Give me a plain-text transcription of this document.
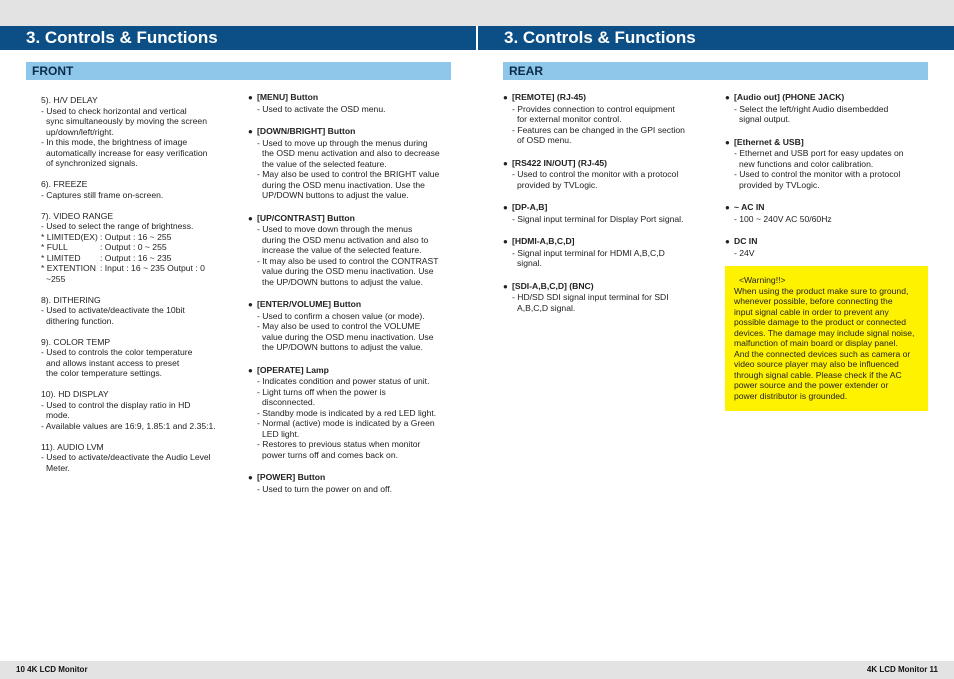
3. Controls & Functions	3. Controls & Functions
FRONT	REAR
5). H/V DELAY
- Used to check horizontal and vertical
sync simultaneously by moving the screen
up/down/left/right.
- In this mode, the brightness of image
automatically increase for easy verification
of synchronized signals.
6). FREEZE
- Captures still frame on-screen.
7). VIDEO RANGE
- Used to select the range of brightness.
* LIMITED(EX) : Output : 16 ~ 255
* FULL	: Output : 0 ~ 255
* LIMITED	: Output : 16 ~ 235
* EXTENTION : Input : 16 ~ 235 Output : 0
~255
8). DITHERING
- Used to activate/deactivate the 10bit
dithering function.
9). COLOR TEMP
- Used to controls the color temperature
and allows instant access to preset
the color temperature settings.
10). HD DISPLAY
- Used to control the display ratio in HD
mode.
- Available values are 16:9, 1.85:1 and 2.35:1.
11). AUDIO LVM
- Used to activate/deactivate the Audio Level
Meter.
● [MENU] Button
- Used to activate the OSD menu.
● [DOWN/BRIGHT] Button
- Used to move up through the menus during
the OSD menu activation and also to decrease
the value of the selected feature.
- May also be used to control the BRIGHT value
during the OSD menu inactivation. Use the
UP/DOWN buttons to adjust the value.
● [UP/CONTRAST] Button
- Used to move down through the menus
during the OSD menu activation and also to
increase the value of the selected feature.
- It may also be used to control the CONTRAST
value during the OSD menu inactivation. Use
the UP/DOWN buttons to adjust the value.
● [ENTER/VOLUME] Button
- Used to confirm a chosen value (or mode).
- May also be used to control the VOLUME
value during the OSD menu inactivation. Use
the UP/DOWN buttons to adjust the value.
● [OPERATE] Lamp
- Indicates condition and power status of unit.
- Light turns off when the power is
disconnected.
- Standby mode is indicated by a red LED light.
- Normal (active) mode is indicated by a Green
LED light.
- Restores to previous status when monitor
power turns off and comes back on.
● [POWER] Button
- Used to turn the power on and off.
● [REMOTE] (RJ-45)
- Provides connection to control equipment
for external monitor control.
- Features can be changed in the GPI section
of OSD menu.
● [RS422 IN/OUT] (RJ-45)
- Used to control the monitor with a protocol
provided by TVLogic.
● [DP-A,B]
- Signal input terminal for Display Port signal.
● [HDMI-A,B,C,D]
- Signal input terminal for HDMI A,B,C,D
signal.
● [SDI-A,B,C,D] (BNC)
- HD/SD SDI signal input terminal for SDI
A,B,C,D signal.
● [Audio out] (PHONE JACK)
- Select the left/right Audio disembedded
signal output.
● [Ethernet & USB]
- Ethernet and USB port for easy updates on
new functions and color calibration.
- Used to control the monitor with a protocol
provided by TVLogic.
● ~ AC IN
- 100 ~ 240V AC 50/60Hz
● DC IN
- 24V
<Warning!!>
When using the product make sure to ground,
whenever possible, before connecting the
input signal cable in order to prevent any
possible damage to the product or connected
devices. The damage may include signal noise,
malfunction of main board or display panel.
And the connected devices such as camera or
video source player may also be influenced
through signal cable. Please check if the AC
power source and the power extender or
power distributor is grounded.
10 4K LCD Monitor	4K LCD Monitor 11
